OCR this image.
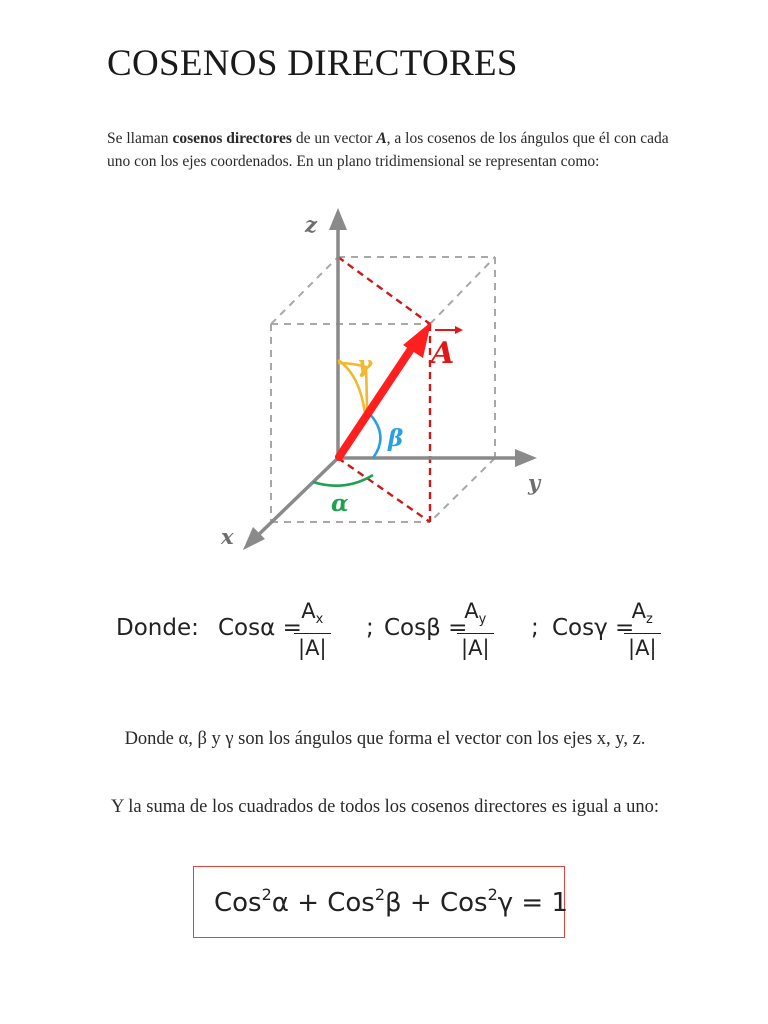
COSENOS DIRECTORES
Se llaman cosenos directores de un vector A, a los cosenos de los ángulos que él con cada uno con los ejes coordenados. En un plano tridimensional se representan como:
z
y
x
A
γ
β
α
Donde: Cosα =
$\frac{A_x}{|A|}$ ; Cosβ =
$\frac{A_y}{|A|}$ ; Cosγ =
$\frac{A_z}{|A|}$
Donde α, β y γ son los ángulos que forma el vector con los ejes x, y, z.
Y la suma de los cuadrados de todos los cosenos directores es igual a uno:
Cos$^2$α + Cos$^2$β + Cos$^2$γ = 1
